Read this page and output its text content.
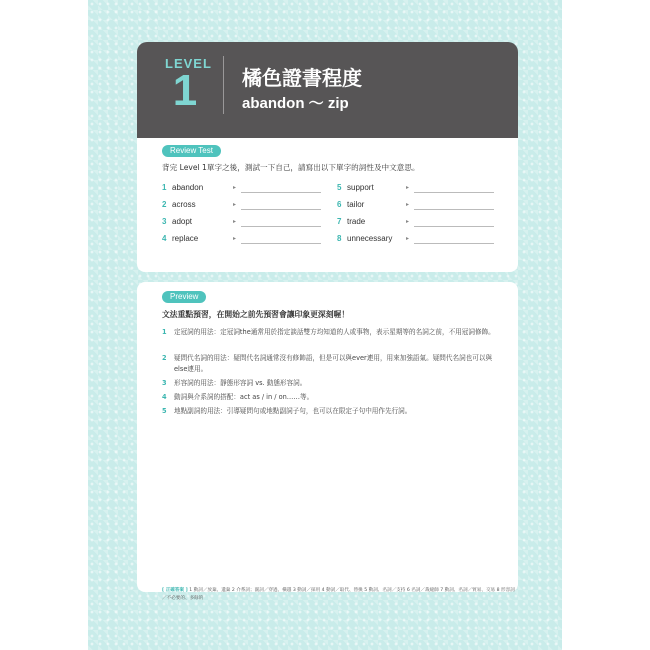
LEVEL
1	橘色證書程度
abandon ～ zip
Review Test
背完 Level 1單字之後，測試一下自己，請寫出以下單字的詞性及中文意思。
1 abandon
2 across
3 adopt
4 replace
▸
▸
▸
▸
5 support
6 tailor
7 trade
8 unnecessary
▸
▸
▸
▸
Preview
文法重點預習，在開始之前先預習會讓印象更深刻喔！
1 定冠詞的用法：定冠詞the通常用於指定談話雙方均知道的人或事物，表示星期等的名詞之前，不用冠詞修飾。
2 疑問代名詞的用法：疑問代名詞通常沒有修飾語，但是可以與ever連用，用來加強語氣。疑問代名詞也可以與else連用。
3 形容詞的用法：靜態形容詞 vs. 動態形容詞。
4 動詞與介系詞的搭配：act as / in / on……等。
5 地點副詞的用法：引導疑問句或地點副詞子句，也可以在限定子句中用作先行詞。
[ 正確答案 ] 1 動詞／放棄、遺棄 2 介系詞；副詞／穿過、橫越 3 動詞／採用 4 動詞／取代、替換 5 動詞、名詞／支持 6 名詞／裁縫師 7 動詞、名詞／貿易、交易 8 形容詞／不必要的、多餘的
